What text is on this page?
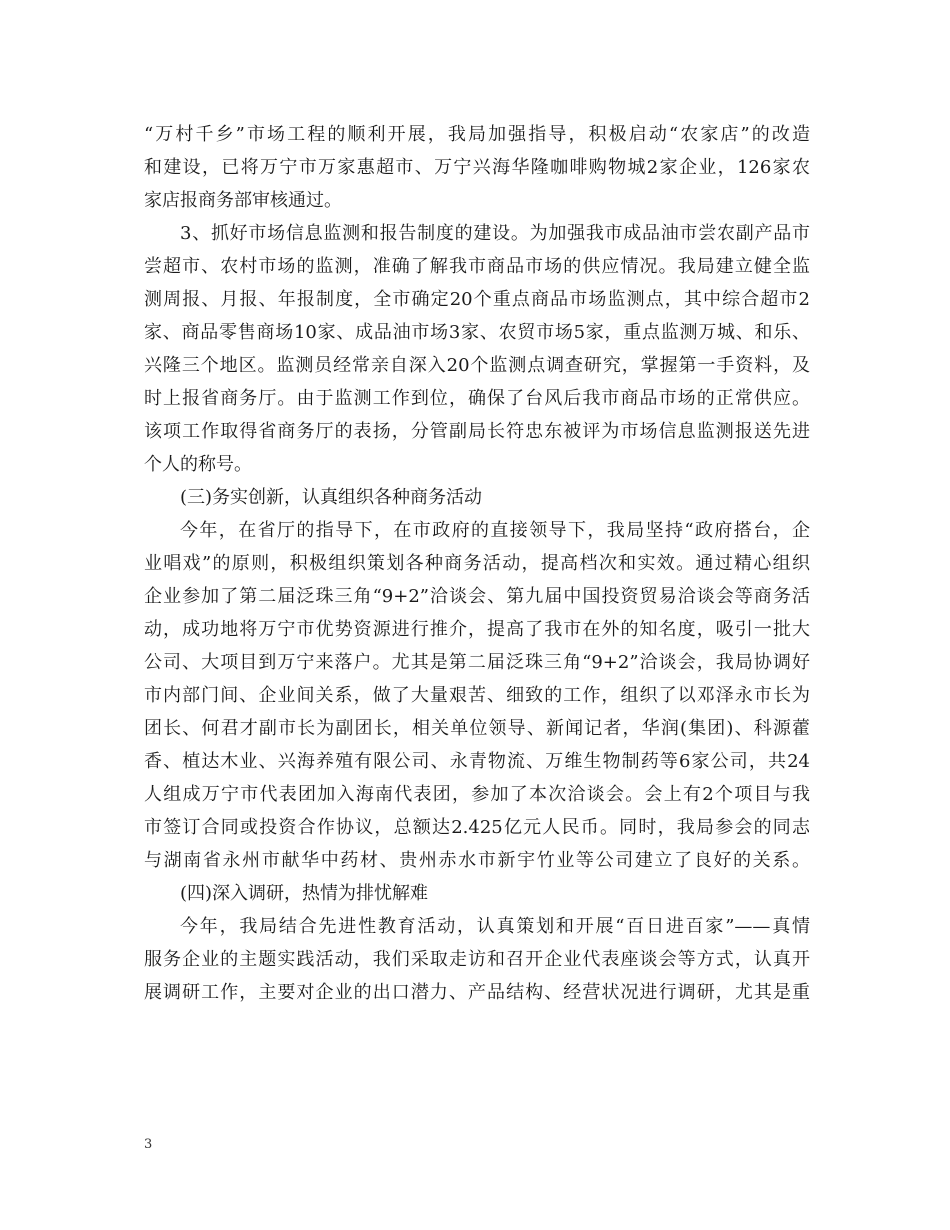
“万村千乡”市场工程的顺利开展，我局加强指导，积极启动“农家店”的改造
和建设，已将万宁市万家惠超市、万宁兴海华隆咖啡购物城2家企业，126家农
家店报商务部审核通过。
3、抓好市场信息监测和报告制度的建设。为加强我市成品油市尝农副产品市
尝超市、农村市场的监测，准确了解我市商品市场的供应情况。我局建立健全监
测周报、月报、年报制度，全市确定20个重点商品市场监测点，其中综合超市2
家、商品零售商场10家、成品油市场3家、农贸市场5家，重点监测万城、和乐、
兴隆三个地区。监测员经常亲自深入20个监测点调查研究，掌握第一手资料，及
时上报省商务厅。由于监测工作到位，确保了台风后我市商品市场的正常供应。
该项工作取得省商务厅的表扬，分管副局长符忠东被评为市场信息监测报送先进
个人的称号。
(三)务实创新，认真组织各种商务活动
今年，在省厅的指导下，在市政府的直接领导下，我局坚持“政府搭台，企
业唱戏”的原则，积极组织策划各种商务活动，提高档次和实效。通过精心组织
企业参加了第二届泛珠三角“9+2”洽谈会、第九届中国投资贸易洽谈会等商务活
动，成功地将万宁市优势资源进行推介，提高了我市在外的知名度，吸引一批大
公司、大项目到万宁来落户。尤其是第二届泛珠三角“9+2”洽谈会，我局协调好
市内部门间、企业间关系，做了大量艰苦、细致的工作，组织了以邓泽永市长为
团长、何君才副市长为副团长，相关单位领导、新闻记者，华润(集团)、科源藿
香、植达木业、兴海养殖有限公司、永青物流、万维生物制药等6家公司，共24
人组成万宁市代表团加入海南代表团，参加了本次洽谈会。会上有2个项目与我
市签订合同或投资合作协议，总额达2.425亿元人民币。同时，我局参会的同志
与湖南省永州市献华中药材、贵州赤水市新宇竹业等公司建立了良好的关系。
(四)深入调研，热情为排忧解难
今年，我局结合先进性教育活动，认真策划和开展“百日进百家”——真情
服务企业的主题实践活动，我们采取走访和召开企业代表座谈会等方式，认真开
展调研工作，主要对企业的出口潜力、产品结构、经营状况进行调研，尤其是重
3
